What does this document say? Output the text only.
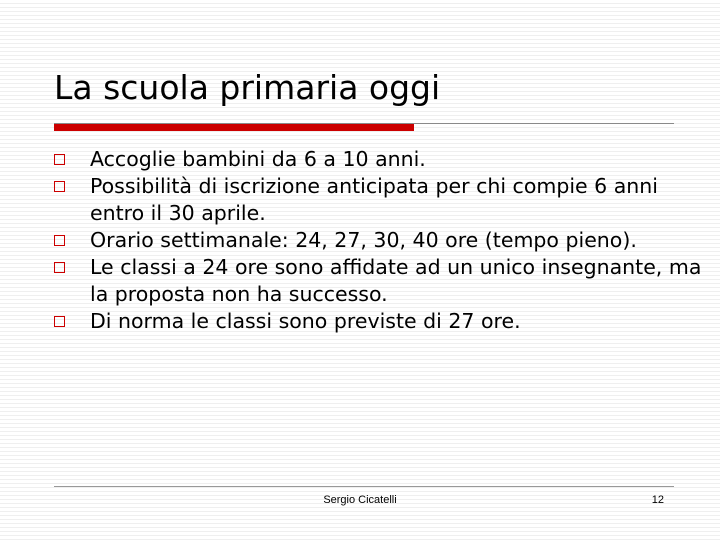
La scuola primaria oggi
Accoglie bambini da 6 a 10 anni.
Possibilità di iscrizione anticipata per chi compie 6 anni entro il 30 aprile.
Orario settimanale: 24, 27, 30, 40 ore (tempo pieno).
Le classi a 24 ore sono affidate ad un unico insegnante, ma la proposta non ha successo.
Di norma le classi sono previste di 27 ore.
Sergio Cicatelli	12
